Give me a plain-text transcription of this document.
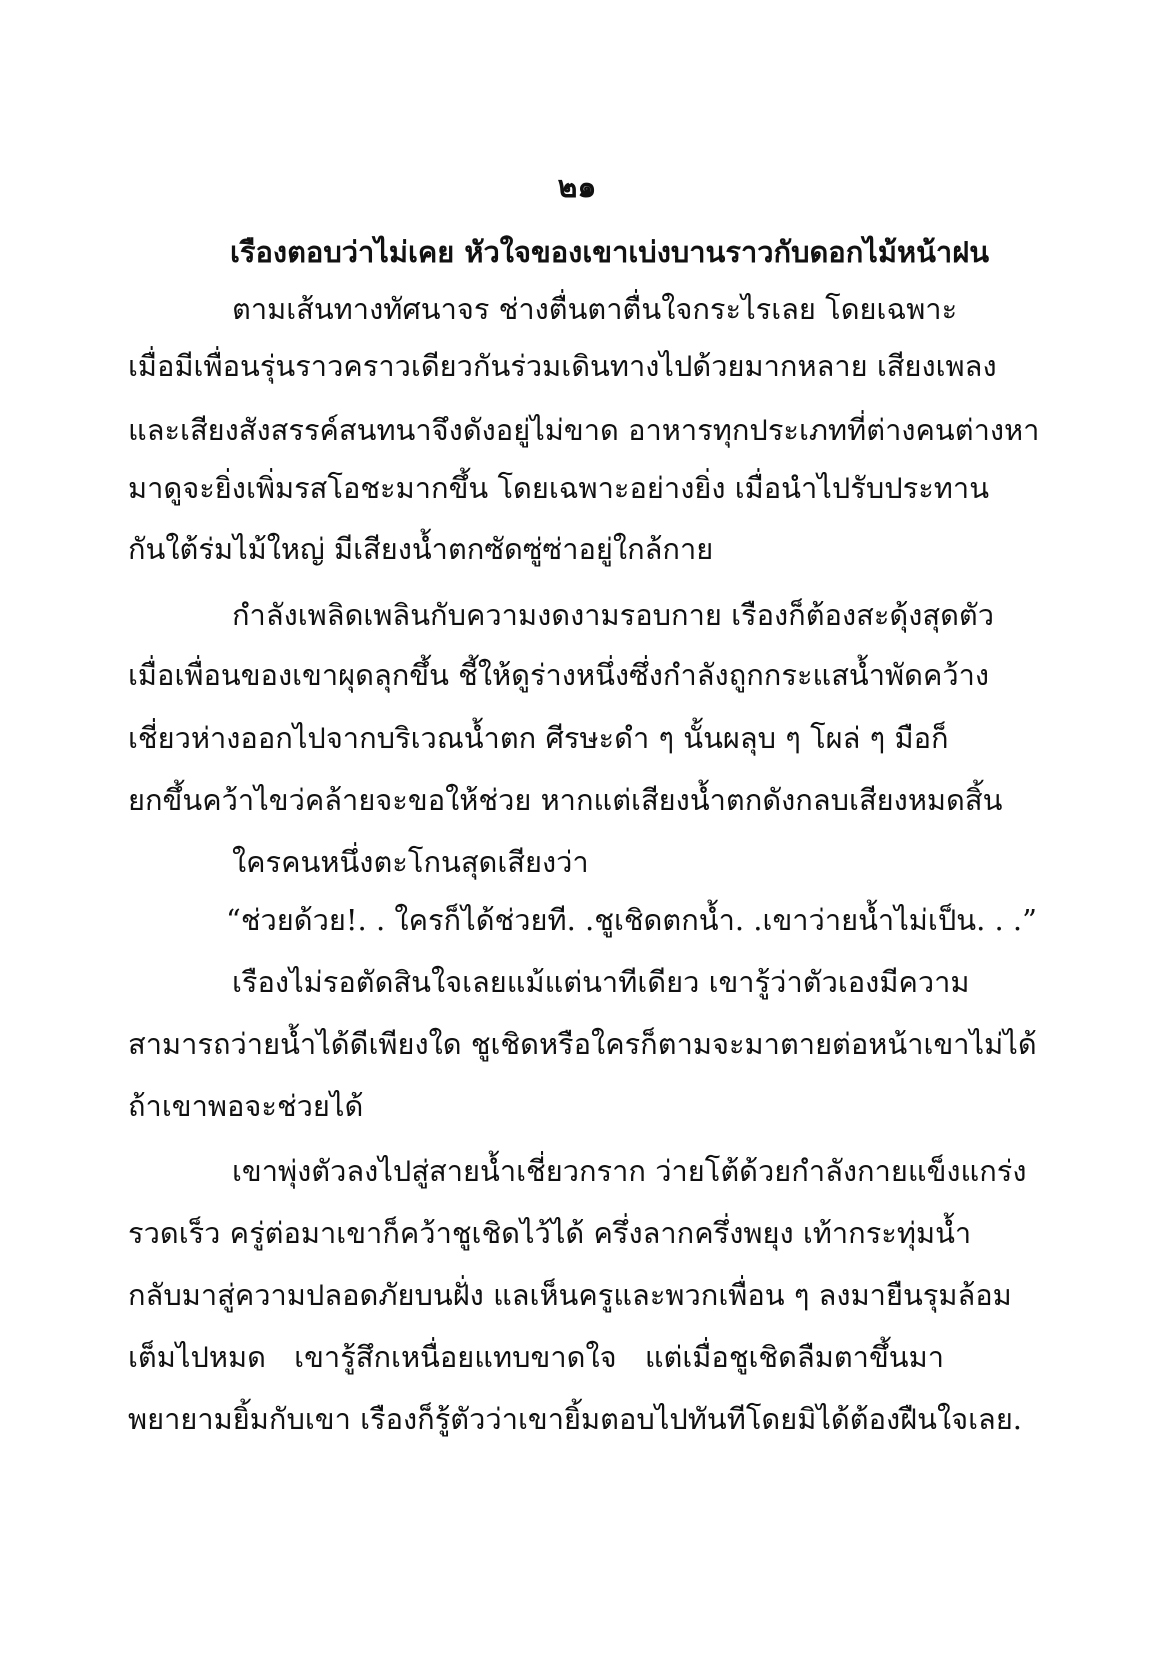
๒๑
เรืองตอบว่าไม่เคย หัวใจของเขาเบ่งบานราวกับดอกไม้หน้าฝน
ตามเส้นทางทัศนาจร ช่างตื่นตาตื่นใจกระไรเลย โดยเฉพาะ
เมื่อมีเพื่อนรุ่นราวคราวเดียวกันร่วมเดินทางไปด้วยมากหลาย เสียงเพลง
และเสียงสังสรรค์สนทนาจึงดังอยู่ไม่ขาด อาหารทุกประเภทที่ต่างคนต่างหา
มาดูจะยิ่งเพิ่มรสโอชะมากขึ้น โดยเฉพาะอย่างยิ่ง เมื่อนำไปรับประทาน
กันใต้ร่มไม้ใหญ่ มีเสียงน้ำตกซัดซู่ซ่าอยู่ใกล้กาย
กำลังเพลิดเพลินกับความงดงามรอบกาย เรืองก็ต้องสะดุ้งสุดตัว
เมื่อเพื่อนของเขาผุดลุกขึ้น ชี้ให้ดูร่างหนึ่งซึ่งกำลังถูกกระแสน้ำพัดคว้าง
เชี่ยวห่างออกไปจากบริเวณน้ำตก ศีรษะดำ ๆ นั้นผลุบ ๆ โผล่ ๆ มือก็
ยกขึ้นคว้าไขว่คล้ายจะขอให้ช่วย หากแต่เสียงน้ำตกดังกลบเสียงหมดสิ้น
ใครคนหนึ่งตะโกนสุดเสียงว่า
“ช่วยด้วย!. . ใครก็ได้ช่วยที. .ชูเชิดตกน้ำ. .เขาว่ายน้ำไม่เป็น. . .”
เรืองไม่รอตัดสินใจเลยแม้แต่นาทีเดียว เขารู้ว่าตัวเองมีความ
สามารถว่ายน้ำได้ดีเพียงใด ชูเชิดหรือใครก็ตามจะมาตายต่อหน้าเขาไม่ได้
ถ้าเขาพอจะช่วยได้
เขาพุ่งตัวลงไปสู่สายน้ำเชี่ยวกราก ว่ายโต้ด้วยกำลังกายแข็งแกร่ง
รวดเร็ว ครู่ต่อมาเขาก็คว้าชูเชิดไว้ได้ ครึ่งลากครึ่งพยุง เท้ากระทุ่มน้ำ
กลับมาสู่ความปลอดภัยบนฝั่ง แลเห็นครูและพวกเพื่อน ๆ ลงมายืนรุมล้อม
เต็มไปหมด เขารู้สึกเหนื่อยแทบขาดใจ แต่เมื่อชูเชิดลืมตาขึ้นมา
พยายามยิ้มกับเขา เรืองก็รู้ตัวว่าเขายิ้มตอบไปทันทีโดยมิได้ต้องฝืนใจเลย.
